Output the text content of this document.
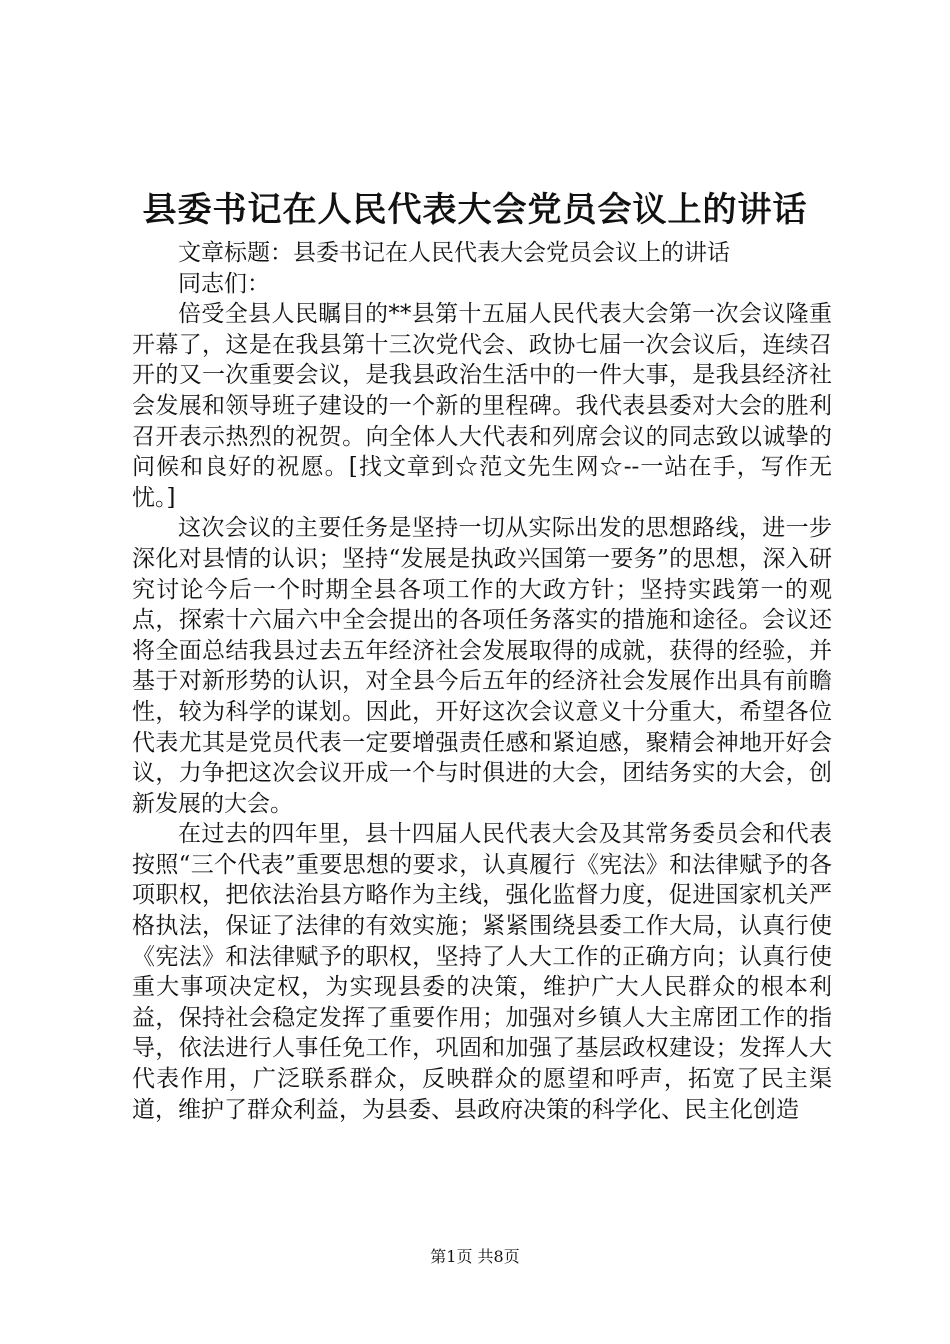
县委书记在人民代表大会党员会议上的讲话

文章标题：县委书记在人民代表大会党员会议上的讲话

同志们：

倍受全县人民瞩目的**县第十五届人民代表大会第一次会议隆重开幕了，这是在我县第十三次党代会、政协七届一次会议后，连续召开的又一次重要会议，是我县政治生活中的一件大事，是我县经济社会发展和领导班子建设的一个新的里程碑。我代表县委对大会的胜利召开表示热烈的祝贺。向全体人大代表和列席会议的同志致以诚挚的问候和良好的祝愿。[找文章到☆范文先生网☆--一站在手，写作无忧。]

这次会议的主要任务是坚持一切从实际出发的思想路线，进一步深化对县情的认识；坚持“发展是执政兴国第一要务”的思想，深入研究讨论今后一个时期全县各项工作的大政方针；坚持实践第一的观点，探索十六届六中全会提出的各项任务落实的措施和途径。会议还将全面总结我县过去五年经济社会发展取得的成就，获得的经验，并基于对新形势的认识，对全县今后五年的经济社会发展作出具有前瞻性，较为科学的谋划。因此，开好这次会议意义十分重大，希望各位代表尤其是党员代表一定要增强责任感和紧迫感，聚精会神地开好会议，力争把这次会议开成一个与时俱进的大会，团结务实的大会，创新发展的大会。

在过去的四年里，县十四届人民代表大会及其常务委员会和代表按照“三个代表”重要思想的要求，认真履行《宪法》和法律赋予的各项职权，把依法治县方略作为主线，强化监督力度，促进国家机关严格执法，保证了法律的有效实施；紧紧围绕县委工作大局，认真行使《宪法》和法律赋予的职权，坚持了人大工作的正确方向；认真行使重大事项决定权，为实现县委的决策，维护广大人民群众的根本利益，保持社会稳定发挥了重要作用；加强对乡镇人大主席团工作的指导，依法进行人事任免工作，巩固和加强了基层政权建设；发挥人大代表作用，广泛联系群众，反映群众的愿望和呼声，拓宽了民主渠道，维护了群众利益，为县委、县政府决策的科学化、民主化创造

第1页 共8页
